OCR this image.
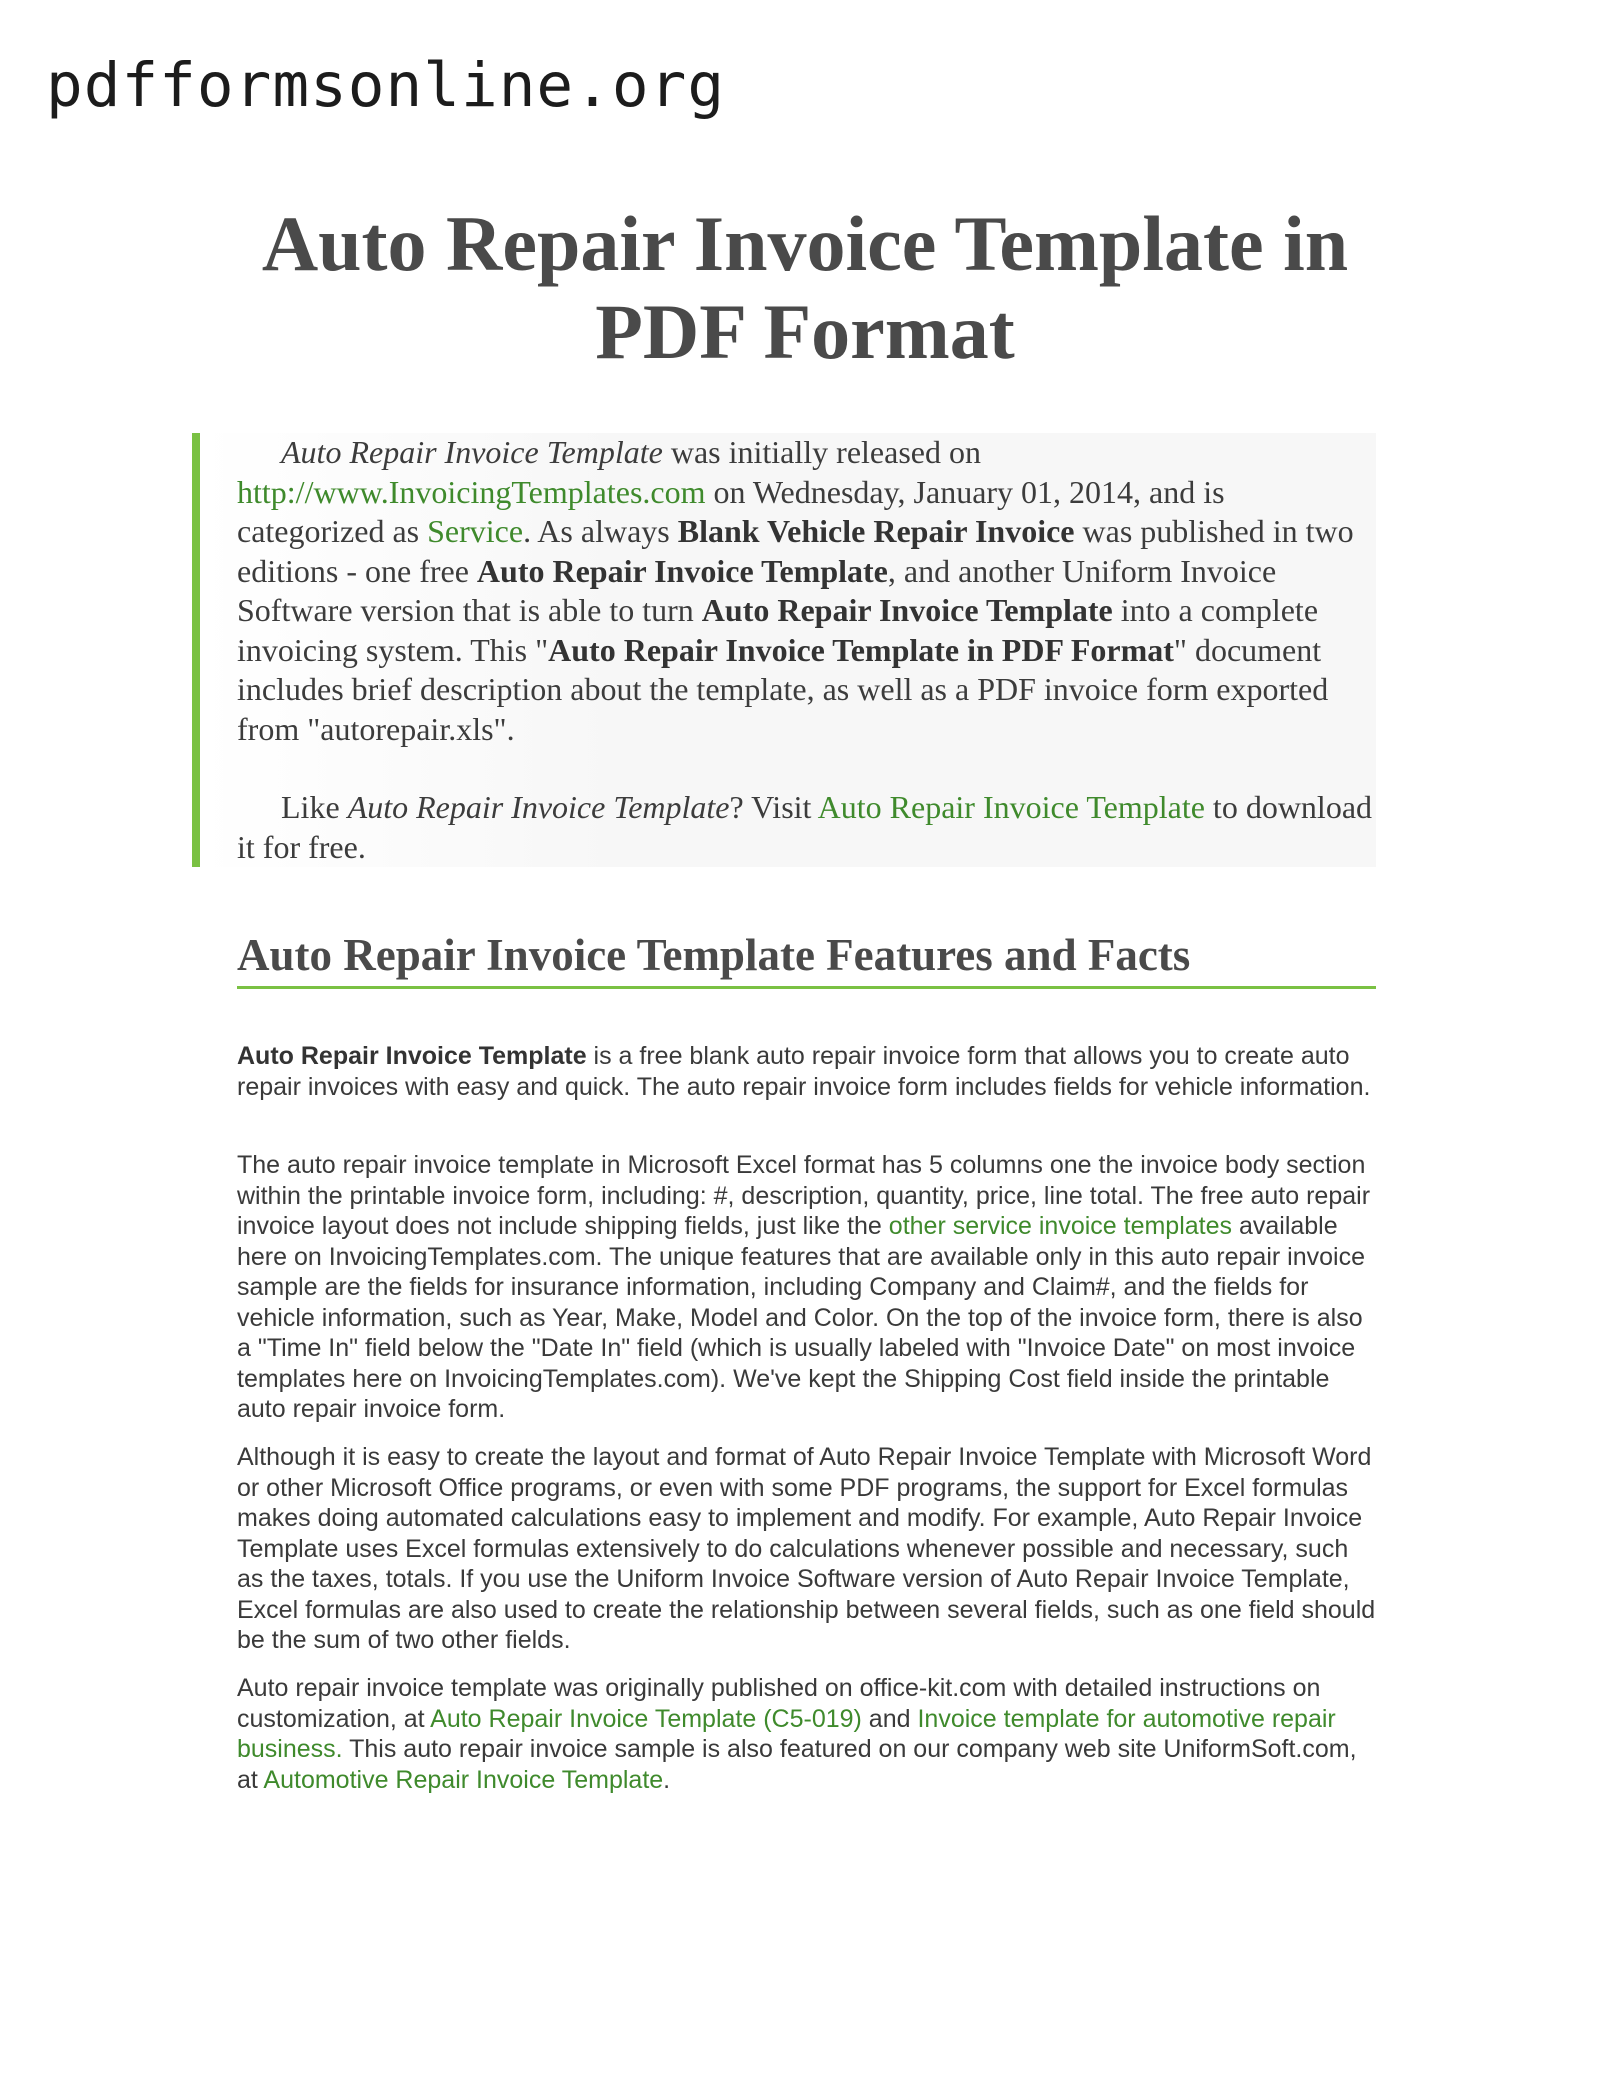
pdfformsonline.org

Auto Repair Invoice Template in PDF Format

Auto Repair Invoice Template was initially released on http://www.InvoicingTemplates.com on Wednesday, January 01, 2014, and is categorized as Service. As always Blank Vehicle Repair Invoice was published in two editions - one free Auto Repair Invoice Template, and another Uniform Invoice Software version that is able to turn Auto Repair Invoice Template into a complete invoicing system. This "Auto Repair Invoice Template in PDF Format" document includes brief description about the template, as well as a PDF invoice form exported from "autorepair.xls".

Like Auto Repair Invoice Template? Visit Auto Repair Invoice Template to download it for free.

Auto Repair Invoice Template Features and Facts

Auto Repair Invoice Template is a free blank auto repair invoice form that allows you to create auto repair invoices with easy and quick. The auto repair invoice form includes fields for vehicle information.

The auto repair invoice template in Microsoft Excel format has 5 columns one the invoice body section within the printable invoice form, including: #, description, quantity, price, line total. The free auto repair invoice layout does not include shipping fields, just like the other service invoice templates available here on InvoicingTemplates.com. The unique features that are available only in this auto repair invoice sample are the fields for insurance information, including Company and Claim#, and the fields for vehicle information, such as Year, Make, Model and Color. On the top of the invoice form, there is also a "Time In" field below the "Date In" field (which is usually labeled with "Invoice Date" on most invoice templates here on InvoicingTemplates.com). We've kept the Shipping Cost field inside the printable auto repair invoice form.

Although it is easy to create the layout and format of Auto Repair Invoice Template with Microsoft Word or other Microsoft Office programs, or even with some PDF programs, the support for Excel formulas makes doing automated calculations easy to implement and modify. For example, Auto Repair Invoice Template uses Excel formulas extensively to do calculations whenever possible and necessary, such as the taxes, totals. If you use the Uniform Invoice Software version of Auto Repair Invoice Template, Excel formulas are also used to create the relationship between several fields, such as one field should be the sum of two other fields.

Auto repair invoice template was originally published on office-kit.com with detailed instructions on customization, at Auto Repair Invoice Template (C5-019) and Invoice template for automotive repair business. This auto repair invoice sample is also featured on our company web site UniformSoft.com, at Automotive Repair Invoice Template.
